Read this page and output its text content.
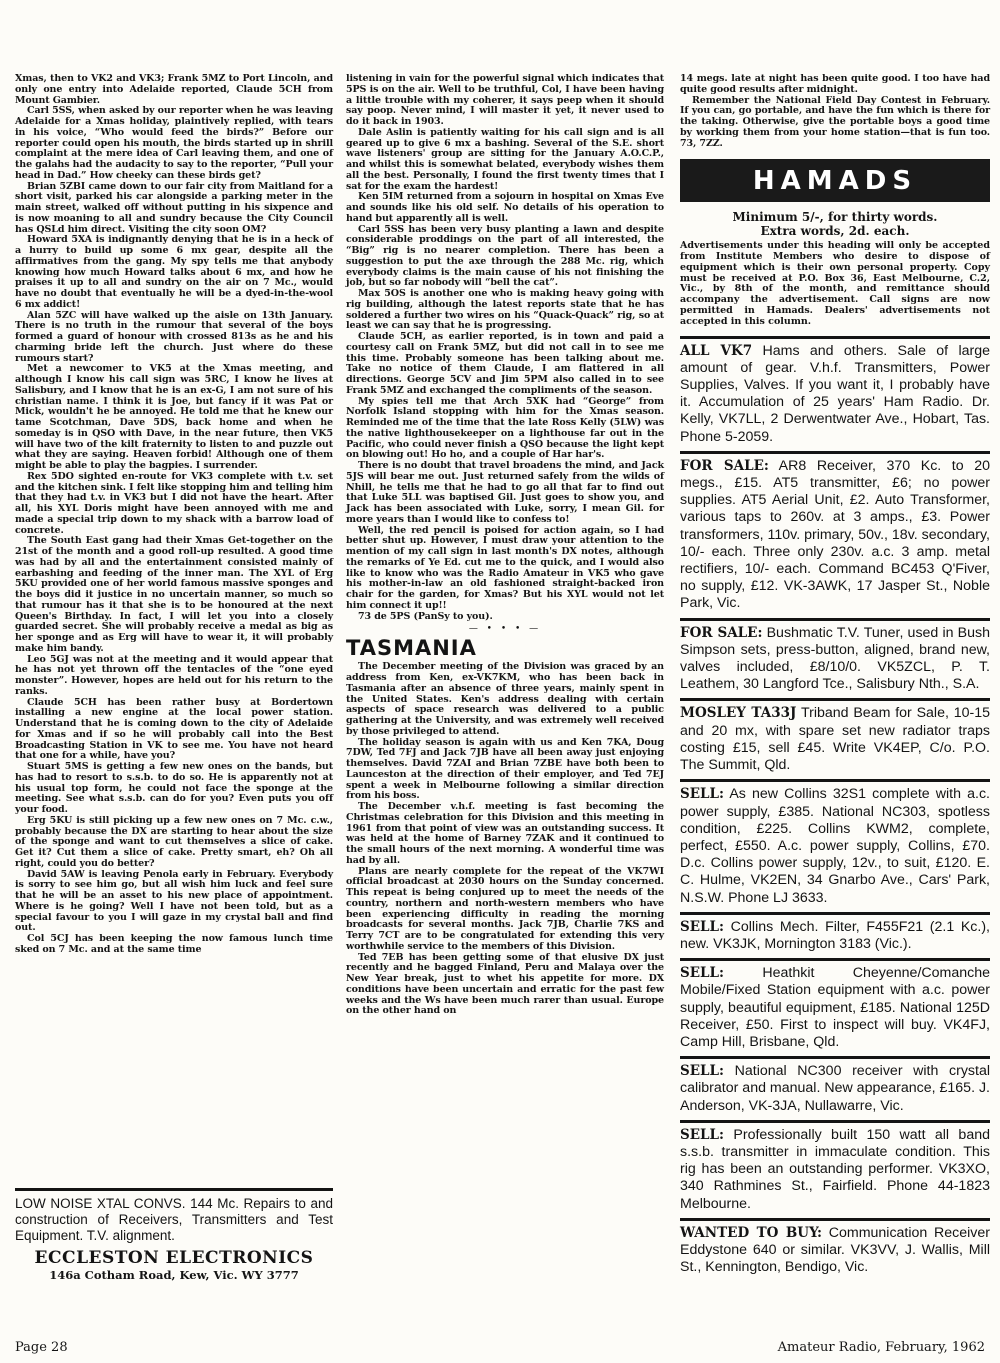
Xmas, then to VK2 and VK3; Frank 5MZ to Port Lincoln, and only one entry into Adelaide reported, Claude 5CH from Mount Gambier.

Carl 5SS, when asked by our reporter when he was leaving Adelaide for a Xmas holiday, plaintively replied, with tears in his voice, “Who would feed the birds?” Before our reporter could open his mouth, the birds started up in shrill complaint at the mere idea of Carl leaving them, and one of the galahs had the audacity to say to the reporter, “Pull your head in Dad.” How cheeky can these birds get?

Brian 5ZBI came down to our fair city from Maitland for a short visit, parked his car alongside a parking meter in the main street, walked off without putting in his sixpence and is now moaning to all and sundry because the City Council has QSLd him direct. Visiting the city soon OM?

Howard 5XA is indignantly denying that he is in a heck of a hurry to build up some 6 mx gear, despite all the affirmatives from the gang. My spy tells me that anybody knowing how much Howard talks about 6 mx, and how he praises it up to all and sundry on the air on 7 Mc., would have no doubt that eventually he will be a dyed-in-the-wool 6 mx addict!

Alan 5ZC will have walked up the aisle on 13th January. There is no truth in the rumour that several of the boys formed a guard of honour with crossed 813s as he and his charming bride left the church. Just where do these rumours start?

Met a newcomer to VK5 at the Xmas meeting, and although I know his call sign was 5RC, I know he lives at Salisbury, and I know that he is an ex-G, I am not sure of his christian name. I think it is Joe, but fancy if it was Pat or Mick, wouldn't he be annoyed. He told me that he knew our tame Scotchman, Dave 5DS, back home and when he someday is in QSO with Dave, in the near future, then VK5 will have two of the kilt fraternity to listen to and puzzle out what they are saying. Heaven forbid! Although one of them might be able to play the bagpies. I surrender.

Rex 5DO sighted en-route for VK3 complete with t.v. set and the kitchen sink. I felt like stopping him and telling him that they had t.v. in VK3 but I did not have the heart. After all, his XYL Doris might have been annoyed with me and made a special trip down to my shack with a barrow load of concrete.

The South East gang had their Xmas Get-together on the 21st of the month and a good roll-up resulted. A good time was had by all and the entertainment consisted mainly of earbashing and feeding of the inner man. The XYL of Erg 5KU provided one of her world famous massive sponges and the boys did it justice in no uncertain manner, so much so that rumour has it that she is to be honoured at the next Queen's Birthday. In fact, I will let you into a closely guarded secret. She will probably receive a medal as big as her sponge and as Erg will have to wear it, it will probably make him bandy.

Leo 5GJ was not at the meeting and it would appear that he has not yet thrown off the tentacles of the “one eyed monster”. However, hopes are held out for his return to the ranks.

Claude 5CH has been rather busy at Bordertown installing a new engine at the local power station. Understand that he is coming down to the city of Adelaide for Xmas and if so he will probably call into the Best Broadcasting Station in VK to see me. You have not heard that one for a while, have you?

Stuart 5MS is getting a few new ones on the bands, but has had to resort to s.s.b. to do so. He is apparently not at his usual top form, he could not face the sponge at the meeting. See what s.s.b. can do for you? Even puts you off your food.

Erg 5KU is still picking up a few new ones on 7 Mc. c.w., probably because the DX are starting to hear about the size of the sponge and want to cut themselves a slice of cake. Get it? Cut them a slice of cake. Pretty smart, eh? Oh all right, could you do better?

David 5AW is leaving Penola early in February. Everybody is sorry to see him go, but all wish him luck and feel sure that he will be an asset to his new place of appointment. Where is he going? Well I have not been told, but as a special favour to you I will gaze in my crystal ball and find out.

Col 5CJ has been keeping the now famous lunch time sked on 7 Mc. and at the same time

LOW NOISE XTAL CONVS. 144 Mc. Repairs to and construction of Receivers, Transmitters and Test Equipment. T.V. alignment.
ECCLESTON ELECTRONICS
146a Cotham Road, Kew, Vic. WY 3777

listening in vain for the powerful signal which indicates that 5PS is on the air. Well to be truthful, Col, I have been having a little trouble with my coherer, it says peep when it should say poop. Never mind, I will master it yet, it never used to do it back in 1903.

Dale Aslin is patiently waiting for his call sign and is all geared up to give 6 mx a bashing. Several of the S.E. short wave listeners' group are sitting for the January A.O.C.P., and whilst this is somewhat belated, everybody wishes them all the best. Personally, I found the first twenty times that I sat for the exam the hardest!

Ken 5IM returned from a sojourn in hospital on Xmas Eve and sounds like his old self. No details of his operation to hand but apparently all is well.

Carl 5SS has been very busy planting a lawn and despite considerable proddings on the part of all interested, the “Big” rig is no nearer completion. There has been a suggestion to put the axe through the 288 Mc. rig, which everybody claims is the main cause of his not finishing the job, but so far nobody will “bell the cat”.

Max 5OS is another one who is making heavy going with rig building, although the latest reports state that he has soldered a further two wires on his “Quack-Quack” rig, so at least we can say that he is progressing.

Claude 5CH, as earlier reported, is in town and paid a courtesy call on Frank 5MZ, but did not call in to see me this time. Probably someone has been talking about me. Take no notice of them Claude, I am flattered in all directions. George 5CV and Jim 5PM also called in to see Frank 5MZ and exchanged the compliments of the season.

My spies tell me that Arch 5XK had “George” from Norfolk Island stopping with him for the Xmas season. Reminded me of the time that the late Ross Kelly (5LW) was the native lighthousekeeper on a lighthouse far out in the Pacific, who could never finish a QSO because the light kept on blowing out! Ho ho, and a couple of Har har's.

There is no doubt that travel broadens the mind, and Jack 5JS will bear me out. Just returned safely from the wilds of Nhill, he tells me that he had to go all that far to find out that Luke 5LL was baptised Gil. Just goes to show you, and Jack has been associated with Luke, sorry, I mean Gil. for more years than I would like to confess to!

Well, the red pencil is poised for action again, so I had better shut up. However, I must draw your attention to the mention of my call sign in last month's DX notes, although the remarks of Ye Ed. cut me to the quick, and I would also like to know who was the Radio Amateur in VK5 who gave his mother-in-law an old fashioned straight-backed iron chair for the garden, for Xmas? But his XYL would not let him connect it up!!

73 de 5PS (PanSy to you).

— • • • —
TASMANIA

The December meeting of the Division was graced by an address from Ken, ex-VK7KM, who has been back in Tasmania after an absence of three years, mainly spent in the United States. Ken's address dealing with certain aspects of space research was delivered to a public gathering at the University, and was extremely well received by those privileged to attend.

The holiday season is again with us and Ken 7KA, Doug 7DW, Ted 7FJ and Jack 7JB have all been away just enjoying themselves. David 7ZAI and Brian 7ZBE have both been to Launceston at the direction of their employer, and Ted 7EJ spent a week in Melbourne following a similar direction from his boss.

The December v.h.f. meeting is fast becoming the Christmas celebration for this Division and this meeting in 1961 from that point of view was an outstanding success. It was held at the home of Barney 7ZAK and it continued to the small hours of the next morning. A wonderful time was had by all.

Plans are nearly complete for the repeat of the VK7WI official broadcast at 2030 hours on the Sunday concerned. This repeat is being conjured up to meet the needs of the country, northern and north-western members who have been experiencing difficulty in reading the morning broadcasts for several months. Jack 7JB, Charlie 7KS and Terry 7CT are to be congratulated for extending this very worthwhile service to the members of this Division.

Ted 7EB has been getting some of that elusive DX just recently and he bagged Finland, Peru and Malaya over the New Year break, just to whet his appetite for more. DX conditions have been uncertain and erratic for the past few weeks and the Ws have been much rarer than usual. Europe on the other hand on

14 megs. late at night has been quite good. I too have had quite good results after midnight.

Remember the National Field Day Contest in February. If you can, go portable, and have the fun which is there for the taking. Otherwise, give the portable boys a good time by working them from your home station—that is fun too. 73, 7ZZ.

HAMADS
Minimum 5/-, for thirty words.
Extra words, 2d. each.
Advertisements under this heading will only be accepted from Institute Members who desire to dispose of equipment which is their own personal property. Copy must be received at P.O. Box 36, East Melbourne, C.2, Vic., by 8th of the month, and remittance should accompany the advertisement. Call signs are now permitted in Hamads. Dealers' advertisements not accepted in this column.

ALL VK7 Hams and others. Sale of large amount of gear. V.h.f. Transmitters, Power Supplies, Valves. If you want it, I probably have it. Accumulation of 25 years' Ham Radio. Dr. Kelly, VK7LL, 2 Derwentwater Ave., Hobart, Tas. Phone 5-2059.

FOR SALE: AR8 Receiver, 370 Kc. to 20 megs., £15. AT5 transmitter, £6; no power supplies. AT5 Aerial Unit, £2. Auto Transformer, various taps to 260v. at 3 amps., £3. Power transformers, 110v. primary, 50v., 18v. secondary, 10/- each. Three only 230v. a.c. 3 amp. metal rectifiers, 10/- each. Command BC453 Q'Fiver, no supply, £12. VK-3AWK, 17 Jasper St., Noble Park, Vic.

FOR SALE: Bushmatic T.V. Tuner, used in Bush Simpson sets, press-button, aligned, brand new, valves included, £8/10/0. VK5ZCL, P. T. Leathem, 30 Langford Tce., Salisbury Nth., S.A.

MOSLEY TA33J Triband Beam for Sale, 10-15 and 20 mx, with spare set new radiator traps costing £15, sell £45. Write VK4EP, C/o. P.O. The Summit, Qld.

SELL: As new Collins 32S1 complete with a.c. power supply, £385. National NC303, spotless condition, £225. Collins KWM2, complete, perfect, £550. A.c. power supply, Collins, £70. D.c. Collins power supply, 12v., to suit, £120. E. C. Hulme, VK2EN, 34 Gnarbo Ave., Cars' Park, N.S.W. Phone LJ 3633.

SELL: Collins Mech. Filter, F455F21 (2.1 Kc.), new. VK3JK, Mornington 3183 (Vic.).

SELL: Heathkit Cheyenne/Comanche Mobile/Fixed Station equipment with a.c. power supply, beautiful equipment, £185. National 125D Receiver, £50. First to inspect will buy. VK4FJ, Camp Hill, Brisbane, Qld.

SELL: National NC300 receiver with crystal calibrator and manual. New appearance, £165. J. Anderson, VK-3JA, Nullawarre, Vic.

SELL: Professionally built 150 watt all band s.s.b. transmitter in immaculate condition. This rig has been an outstanding performer. VK3XO, 340 Rathmines St., Fairfield. Phone 44-1823 Melbourne.

WANTED TO BUY: Communication Receiver Eddystone 640 or similar. VK3VV, J. Wallis, Mill St., Kennington, Bendigo, Vic.

Page 28	Amateur Radio, February, 1962
